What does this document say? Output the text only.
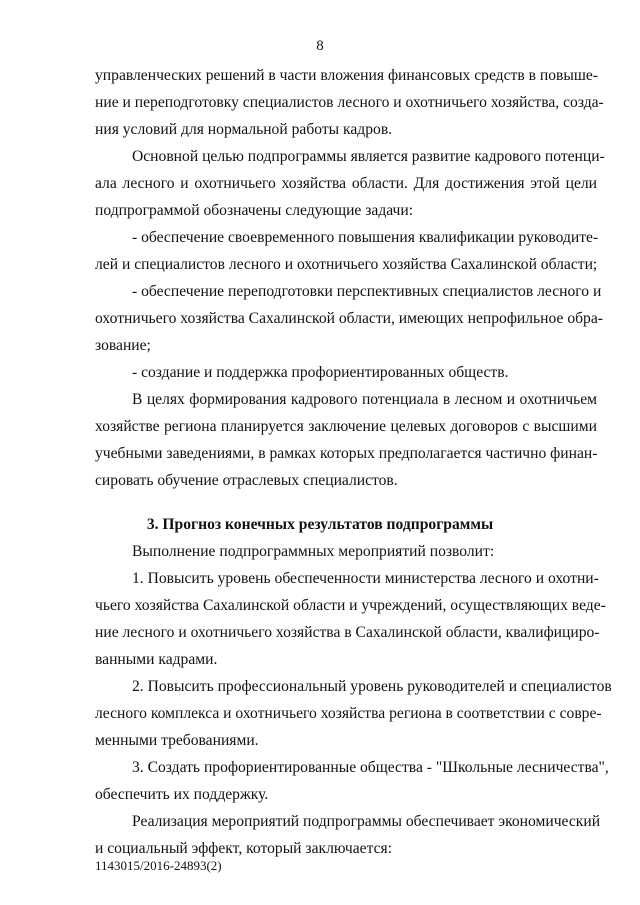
8
управленческих решений в части вложения финансовых средств в повыше-
ние и переподготовку специалистов лесного и охотничьего хозяйства, созда-
ния условий для нормальной работы кадров.
Основной целью подпрограммы является развитие кадрового потенци-
ала лесного и охотничьего хозяйства области. Для достижения этой цели
подпрограммой обозначены следующие задачи:
- обеспечение своевременного повышения квалификации руководите-
лей и специалистов лесного и охотничьего хозяйства Сахалинской области;
- обеспечение переподготовки перспективных специалистов лесного и
охотничьего хозяйства Сахалинской области, имеющих непрофильное обра-
зование;
- создание и поддержка профориентированных обществ.
В целях формирования кадрового потенциала в лесном и охотничьем
хозяйстве региона планируется заключение целевых договоров с высшими
учебными заведениями, в рамках которых предполагается частично финан-
сировать обучение отраслевых специалистов.
3. Прогноз конечных результатов подпрограммы
Выполнение подпрограммных мероприятий позволит:
1. Повысить уровень обеспеченности министерства лесного и охотни-
чьего хозяйства Сахалинской области и учреждений, осуществляющих веде-
ние лесного и охотничьего хозяйства в Сахалинской области, квалифициро-
ванными кадрами.
2. Повысить профессиональный уровень руководителей и специалистов
лесного комплекса и охотничьего хозяйства региона в соответствии с совре-
менными требованиями.
3. Создать профориентированные общества - "Школьные лесничества",
обеспечить их поддержку.
Реализация мероприятий подпрограммы обеспечивает экономический
и социальный эффект, который заключается:
1143015/2016-24893(2)
